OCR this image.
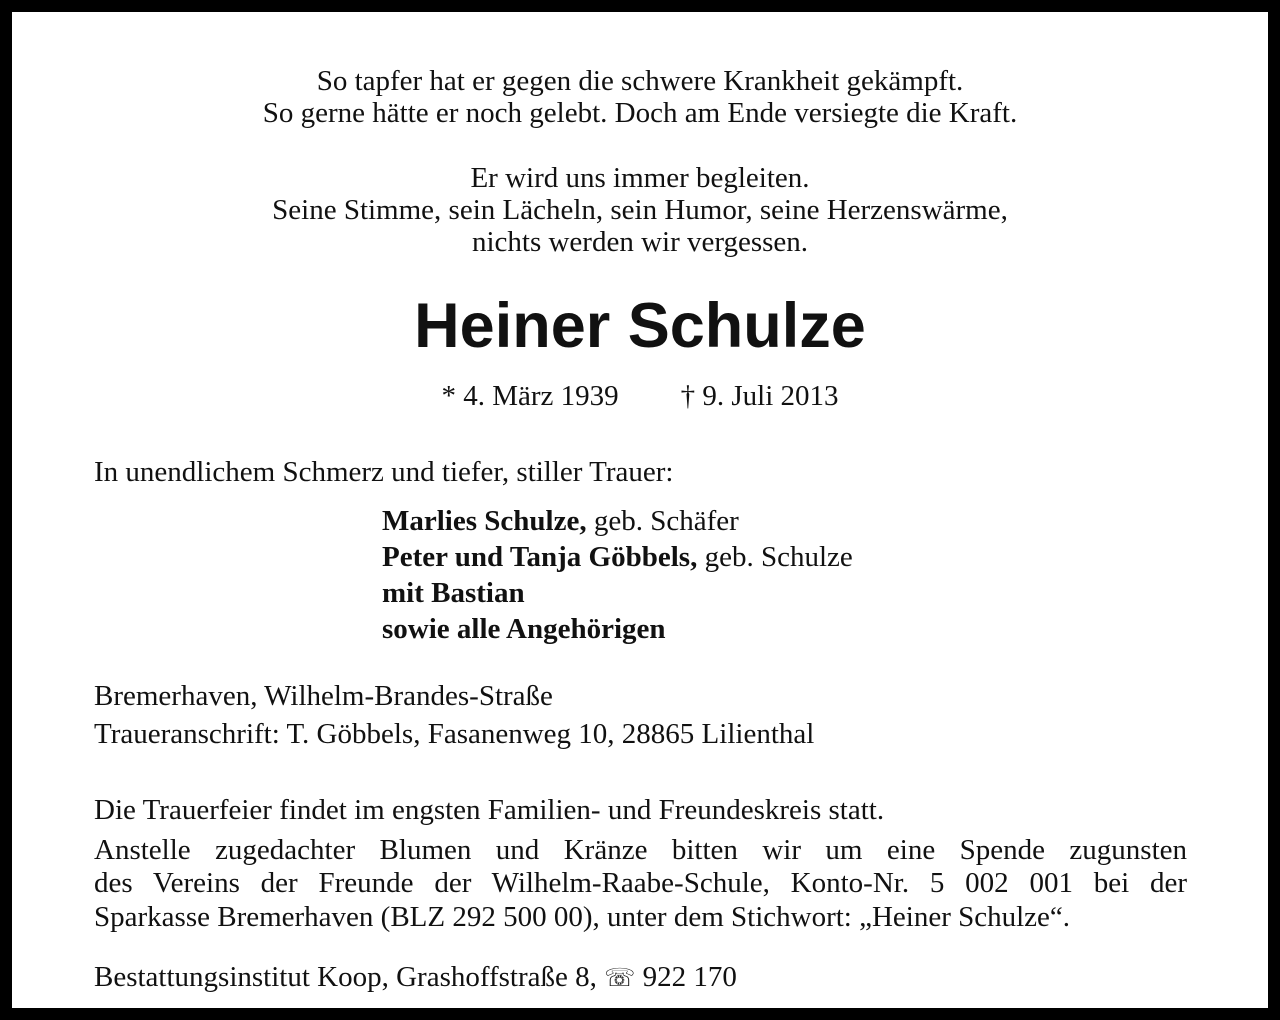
So tapfer hat er gegen die schwere Krankheit gekämpft.
So gerne hätte er noch gelebt. Doch am Ende versiegte die Kraft.
Er wird uns immer begleiten.
Seine Stimme, sein Lächeln, sein Humor, seine Herzenswärme,
nichts werden wir vergessen.
Heiner Schulze
* 4. März 1939 † 9. Juli 2013
In unendlichem Schmerz und tiefer, stiller Trauer:
Marlies Schulze, geb. Schäfer
Peter und Tanja Göbbels, geb. Schulze
mit Bastian
sowie alle Angehörigen
Bremerhaven, Wilhelm-Brandes-Straße
Traueranschrift: T. Göbbels, Fasanenweg 10, 28865 Lilienthal
Die Trauerfeier findet im engsten Familien- und Freundeskreis statt.
Anstelle zugedachter Blumen und Kränze bitten wir um eine Spende zugunsten
des Vereins der Freunde der Wilhelm-Raabe-Schule, Konto-Nr. 5 002 001 bei der
Sparkasse Bremerhaven (BLZ 292 500 00), unter dem Stichwort: „Heiner Schulze“.
Bestattungsinstitut Koop, Grashoffstraße 8, ☏ 922 170
